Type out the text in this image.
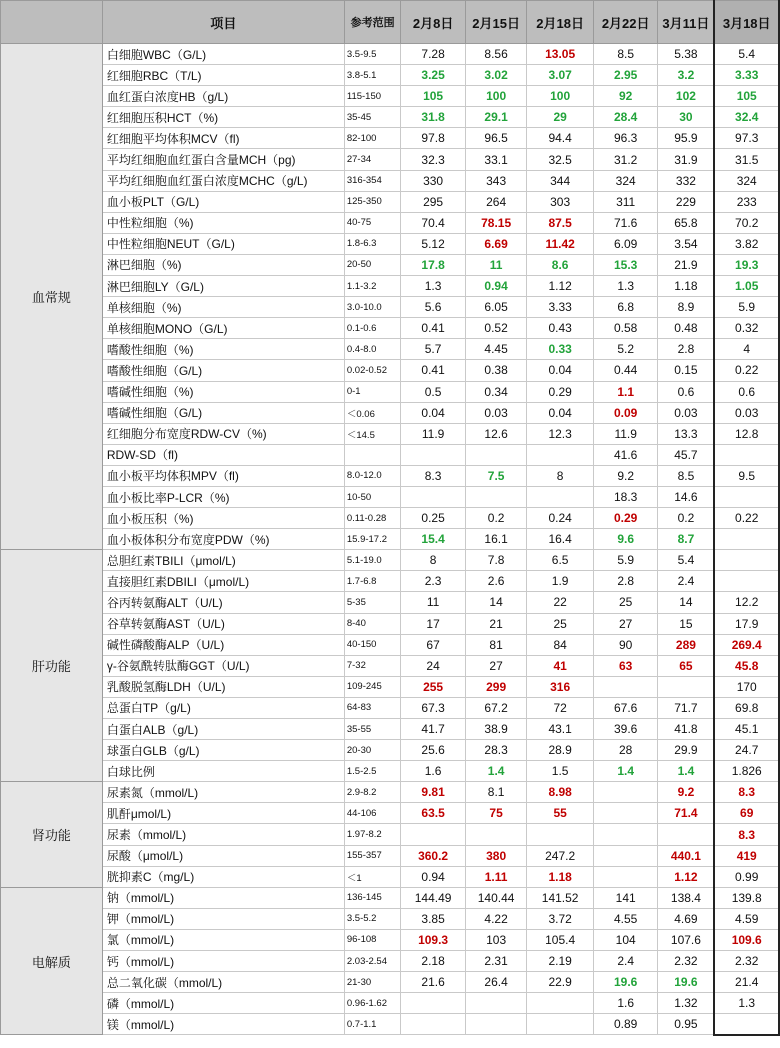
	项目	参考范围	2月8日	2月15日	2月18日	2月22日	3月11日	3月18日
血常规	白细胞WBC（G/L)	3.5-9.5	7.28	8.56	13.05	8.5	5.38	5.4
	红细胞RBC（T/L)	3.8-5.1	3.25	3.02	3.07	2.95	3.2	3.33
	血红蛋白浓度HB（g/L)	115-150	105	100	100	92	102	105
	红细胞压积HCT（%)	35-45	31.8	29.1	29	28.4	30	32.4
	红细胞平均体积MCV（fl)	82-100	97.8	96.5	94.4	96.3	95.9	97.3
	平均红细胞血红蛋白含量MCH（pg)	27-34	32.3	33.1	32.5	31.2	31.9	31.5
	平均红细胞血红蛋白浓度MCHC（g/L)	316-354	330	343	344	324	332	324
	血小板PLT（G/L)	125-350	295	264	303	311	229	233
	中性粒细胞（%)	40-75	70.4	78.15	87.5	71.6	65.8	70.2
	中性粒细胞NEUT（G/L)	1.8-6.3	5.12	6.69	11.42	6.09	3.54	3.82
	淋巴细胞（%)	20-50	17.8	11	8.6	15.3	21.9	19.3
	淋巴细胞LY（G/L)	1.1-3.2	1.3	0.94	1.12	1.3	1.18	1.05
	单核细胞（%)	3.0-10.0	5.6	6.05	3.33	6.8	8.9	5.9
	单核细胞MONO（G/L)	0.1-0.6	0.41	0.52	0.43	0.58	0.48	0.32
	嗜酸性细胞（%)	0.4-8.0	5.7	4.45	0.33	5.2	2.8	4
	嗜酸性细胞（G/L)	0.02-0.52	0.41	0.38	0.04	0.44	0.15	0.22
	嗜碱性细胞（%)	0-1	0.5	0.34	0.29	1.1	0.6	0.6
	嗜碱性细胞（G/L)	＜0.06	0.04	0.03	0.04	0.09	0.03	0.03
	红细胞分布宽度RDW-CV（%)	＜14.5	11.9	12.6	12.3	11.9	13.3	12.8
	RDW-SD（fl)					41.6	45.7	
	血小板平均体积MPV（fl)	8.0-12.0	8.3	7.5	8	9.2	8.5	9.5
	血小板比率P-LCR（%)	10-50				18.3	14.6	
	血小板压积（%)	0.11-0.28	0.25	0.2	0.24	0.29	0.2	0.22
	血小板体积分布宽度PDW（%)	15.9-17.2	15.4	16.1	16.4	9.6	8.7	
肝功能	总胆红素TBILI（μmol/L)	5.1-19.0	8	7.8	6.5	5.9	5.4	
	直接胆红素DBILI（μmol/L)	1.7-6.8	2.3	2.6	1.9	2.8	2.4	
	谷丙转氨酶ALT（U/L)	5-35	11	14	22	25	14	12.2
	谷草转氨酶AST（U/L)	8-40	17	21	25	27	15	17.9
	碱性磷酸酶ALP（U/L)	40-150	67	81	84	90	289	269.4
	γ-谷氨酰转肽酶GGT（U/L)	7-32	24	27	41	63	65	45.8
	乳酸脱氢酶LDH（U/L)	109-245	255	299	316			170
	总蛋白TP（g/L)	64-83	67.3	67.2	72	67.6	71.7	69.8
	白蛋白ALB（g/L)	35-55	41.7	38.9	43.1	39.6	41.8	45.1
	球蛋白GLB（g/L)	20-30	25.6	28.3	28.9	28	29.9	24.7
	白球比例	1.5-2.5	1.6	1.4	1.5	1.4	1.4	1.826
肾功能	尿素氮（mmol/L)	2.9-8.2	9.81	8.1	8.98		9.2	8.3
	肌酐μmol/L)	44-106	63.5	75	55		71.4	69
	尿素（mmol/L)	1.97-8.2						8.3
	尿酸（μmol/L)	155-357	360.2	380	247.2		440.1	419
	胱抑素C（mg/L)	＜1	0.94	1.11	1.18		1.12	0.99
电解质	钠（mmol/L)	136-145	144.49	140.44	141.52	141	138.4	139.8
	钾（mmol/L)	3.5-5.2	3.85	4.22	3.72	4.55	4.69	4.59
	氯（mmol/L)	96-108	109.3	103	105.4	104	107.6	109.6
	钙（mmol/L)	2.03-2.54	2.18	2.31	2.19	2.4	2.32	2.32
	总二氧化碳（mmol/L)	21-30	21.6	26.4	22.9	19.6	19.6	21.4
	磷（mmol/L)	0.96-1.62				1.6	1.32	1.3
	镁（mmol/L)	0.7-1.1				0.89	0.95	
